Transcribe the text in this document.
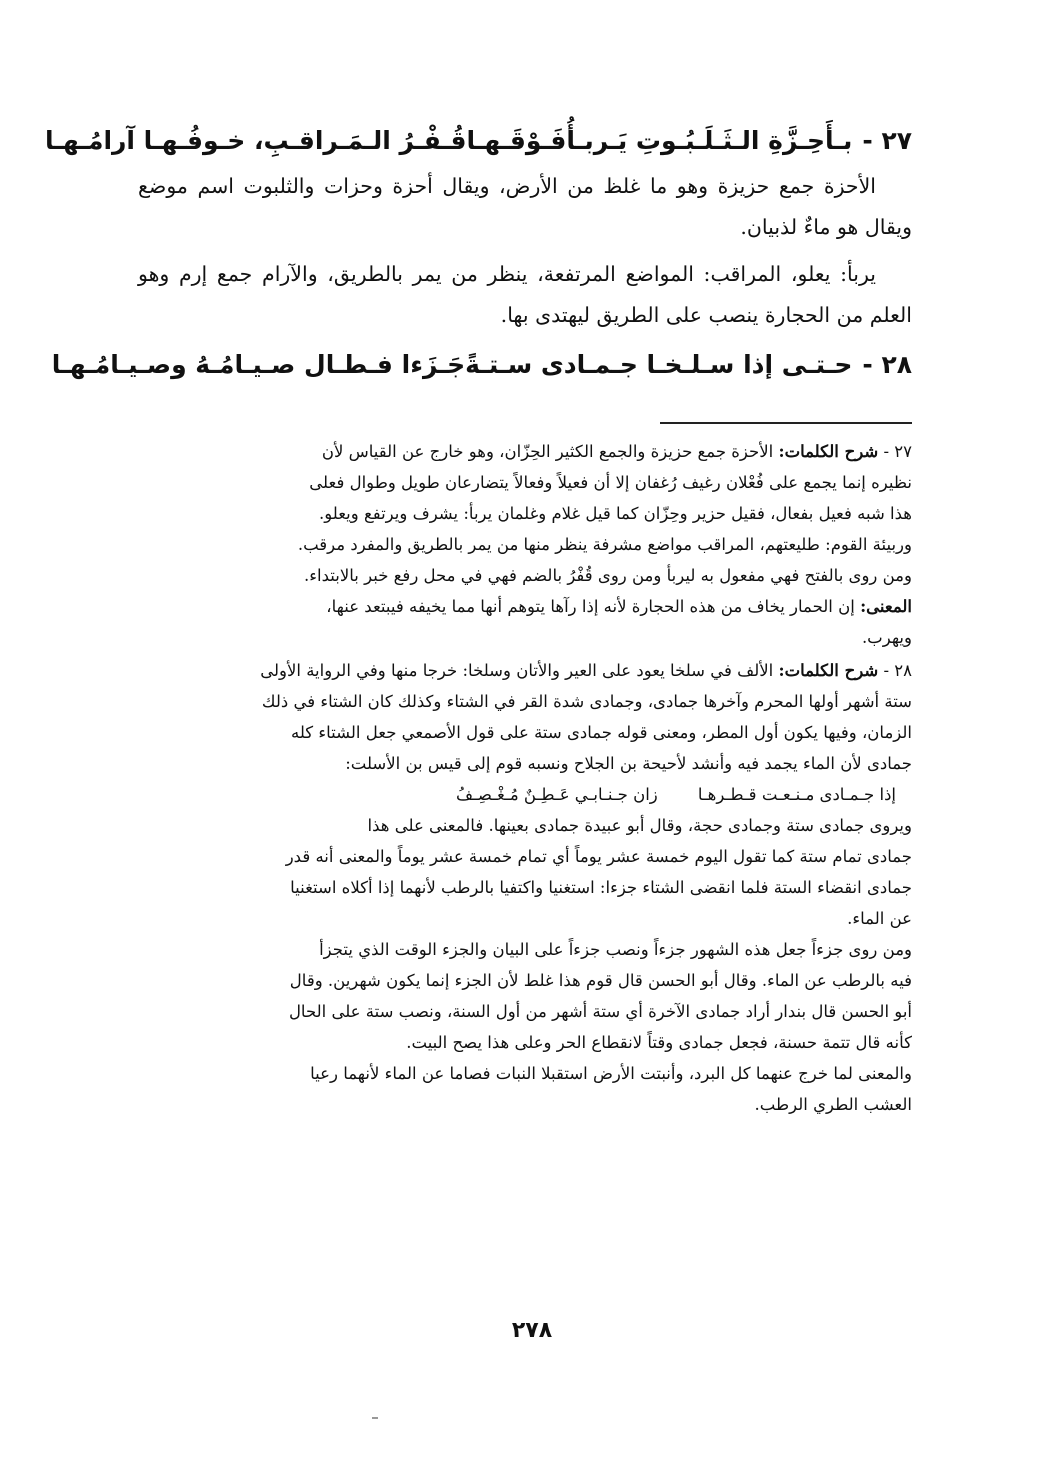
٢٧ -
بـأَحِـزَّةِ الـثَـلَـبُـوتِ يَـربـأُفَـوْقَـهـا
قُـفْـرُ الـمَـراقـبِ، خـوفُـهـا آرامُـهـا

الأحزة جمع حزيزة وهو ما غلظ من الأرض، ويقال أحزة وحزات والثلبوت اسم موضع ويقال هو ماءٌ لذبيان.

يربأ: يعلو، المراقب: المواضع المرتفعة، ينظر من يمر بالطريق، والآرام جمع إرم وهو العلم من الحجارة ينصب على الطريق ليهتدى بها.

٢٨ -
حـتـى إذا سـلـخـا جـمـادى سـتـةً
جَـزَءا فـطـال صـيـامُـهُ وصـيـامُـهـا

٢٧ - شرح الكلمات: الأحزة جمع حزيزة والجمع الكثير الحِزّان، وهو خارج عن القياس لأن
نظيره إنما يجمع على فُعْلان رغيف رُغفان إلا أن فعيلاً وفعالاً يتضارعان طويل وطوال فعلى
هذا شبه فعيل بفعال، فقيل حزير وحِزّان كما قيل غلام وغلمان يربأ: يشرف ويرتفع ويعلو.
وربيئة القوم: طليعتهم، المراقب مواضع مشرفة ينظر منها من يمر بالطريق والمفرد مرقب.
ومن روى بالفتح فهي مفعول به ليربأ ومن روى قُفْرُ بالضم فهي في محل رفع خبر بالابتداء.
المعنى: إن الحمار يخاف من هذه الحجارة لأنه إذا رآها يتوهم أنها مما يخيفه فيبتعد عنها،
ويهرب.

٢٨ - شرح الكلمات: الألف في سلخا يعود على العير والأتان وسلخا: خرجا منها وفي الرواية الأولى
ستة أشهر أولها المحرم وآخرها جمادى، وجمادى شدة القر في الشتاء وكذلك كان الشتاء في ذلك
الزمان، وفيها يكون أول المطر، ومعنى قوله جمادى ستة على قول الأصمعي جعل الشتاء كله
جمادى لأن الماء يجمد فيه وأنشد لأحيحة بن الجلاح ونسبه قوم إلى قيس بن الأسلت:

إذا جـمـادى مـنـعـت قـطـرهـا
زان جـنـابـي عَـطِـنٌ مُـغْـصِـفُ

ويروى جمادى ستة وجمادى حجة، وقال أبو عبيدة جمادى بعينها. فالمعنى على هذا
جمادى تمام ستة كما تقول اليوم خمسة عشر يوماً أي تمام خمسة عشر يوماً والمعنى أنه قدر
جمادى انقضاء الستة فلما انقضى الشتاء جزءا: استغنيا واكتفيا بالرطب لأنهما إذا أكلاه استغنيا
عن الماء.

ومن روى جزءاً جعل هذه الشهور جزءاً ونصب جزءاً على البيان والجزء الوقت الذي يتجزأ
فيه بالرطب عن الماء. وقال أبو الحسن قال قوم هذا غلط لأن الجزء إنما يكون شهرين. وقال
أبو الحسن قال بندار أراد جمادى الآخرة أي ستة أشهر من أول السنة، ونصب ستة على الحال
كأنه قال تتمة حسنة، فجعل جمادى وقتاً لانقطاع الحر وعلى هذا يصح البيت.

والمعنى لما خرج عنهما كل البرد، وأنبتت الأرض استقبلا النبات فصاما عن الماء لأنهما رعيا
العشب الطري الرطب.

٢٧٨
